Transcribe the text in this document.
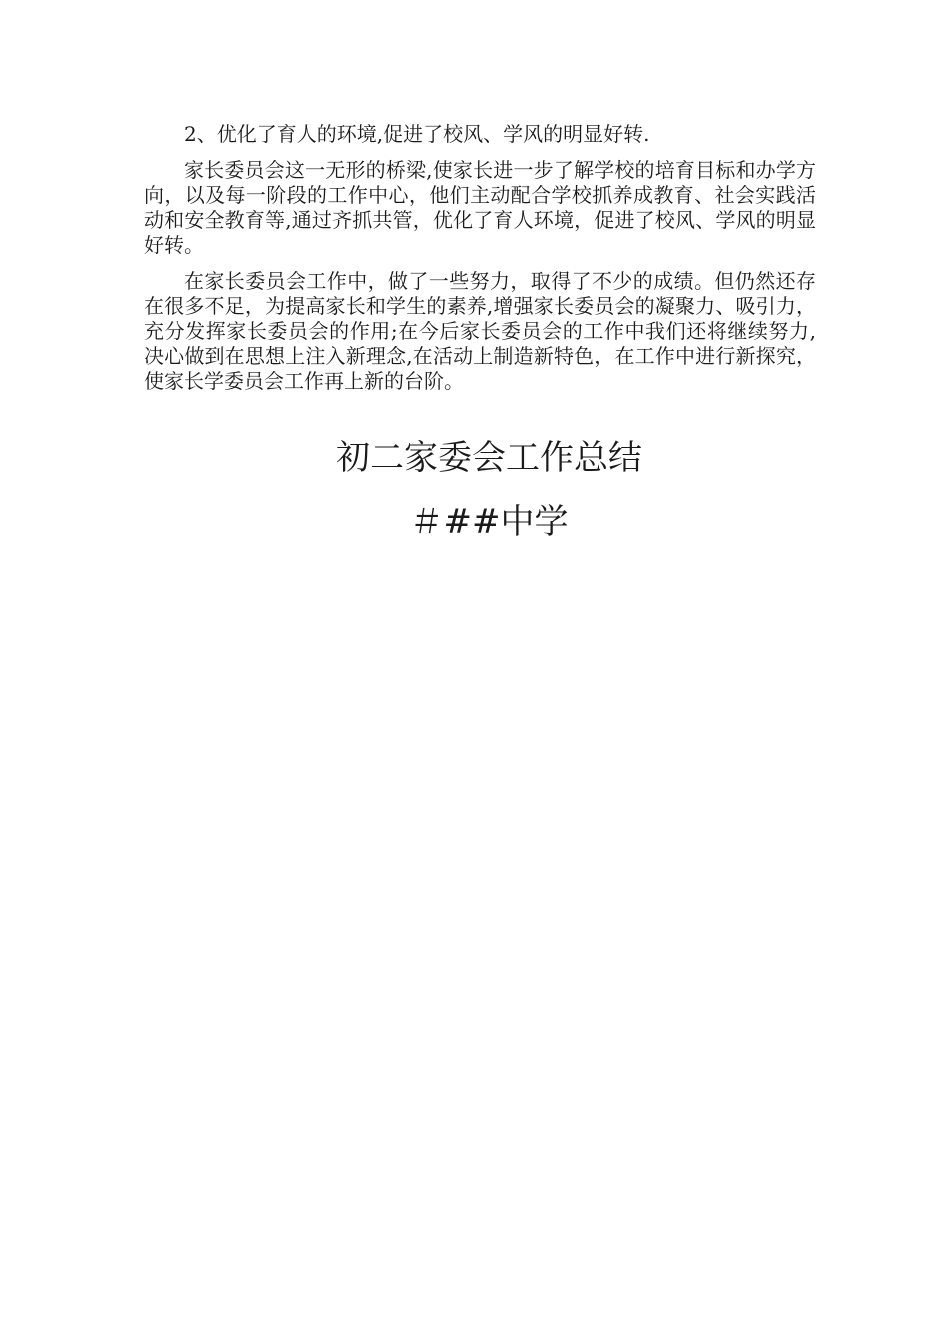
2、优化了育人的环境,促进了校风、学风的明显好转.

家长委员会这一无形的桥梁,使家长进一步了解学校的培育目标和办学方向，以及每一阶段的工作中心，他们主动配合学校抓养成教育、社会实践活动和安全教育等,通过齐抓共管，优化了育人环境，促进了校风、学风的明显好转。

在家长委员会工作中，做了一些努力，取得了不少的成绩。但仍然还存在很多不足，为提高家长和学生的素养,增强家长委员会的凝聚力、吸引力，充分发挥家长委员会的作用;在今后家长委员会的工作中我们还将继续努力,决心做到在思想上注入新理念,在活动上制造新特色，在工作中进行新探究，使家长学委员会工作再上新的台阶。

初二家委会工作总结
＃##中学
